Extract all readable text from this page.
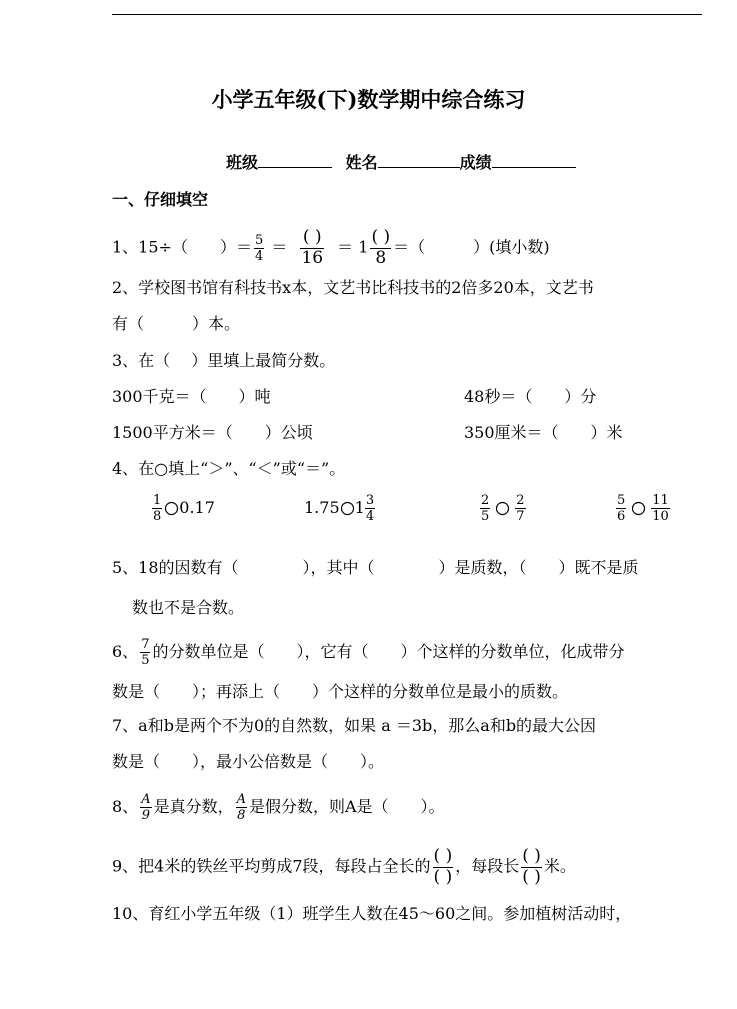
小学五年级(下)数学期中综合练习
班级	姓名	成绩
一、仔细填空
1、15÷（　　）＝ $\frac{5}{4} = \frac{( )}{16} = 1 \frac{( )}{8}$ ＝（　　　）(填小数)
2、学校图书馆有科技书x本，文艺书比科技书的2倍多20本，文艺书
有（　　　）本。
3、在（　 ）里填上最简分数。
300千克＝（　　）吨	48秒＝（　　）分
1500平方米＝（　　）公顷	350厘米＝（　　）米
4、在○填上“＞”、“＜”或“＝”。
$\frac{1}{8} 0.17$	1.75 $1 \frac{3}{4}$	$\frac{2}{5} \frac{2}{7}$	$\frac{5}{6} \frac{11}{10}$
5、18的因数有（　　　　），其中（　　　　）是质数，（　　）既不是质
数也不是合数。
6、 $\frac{7}{5}$ 的分数单位是（　　），它有（　　）个这样的分数单位，化成带分
数是（　　）；再添上（　　）个这样的分数单位是最小的质数。
7、a和b是两个不为0的自然数，如果 a ＝3b，那么a和b的最大公因
数是（　　），最小公倍数是（　　）。
8、 $\frac{A}{9}$ 是真分数， $\frac{A}{8}$ 是假分数，则A是（　　）。
9、把4米的铁丝平均剪成7段，每段占全长的 $\frac{( )}{( )}$ ，每段长 $\frac{( )}{( )}$ 米。
10、育红小学五年级（1）班学生人数在45～60之间。参加植树活动时，
